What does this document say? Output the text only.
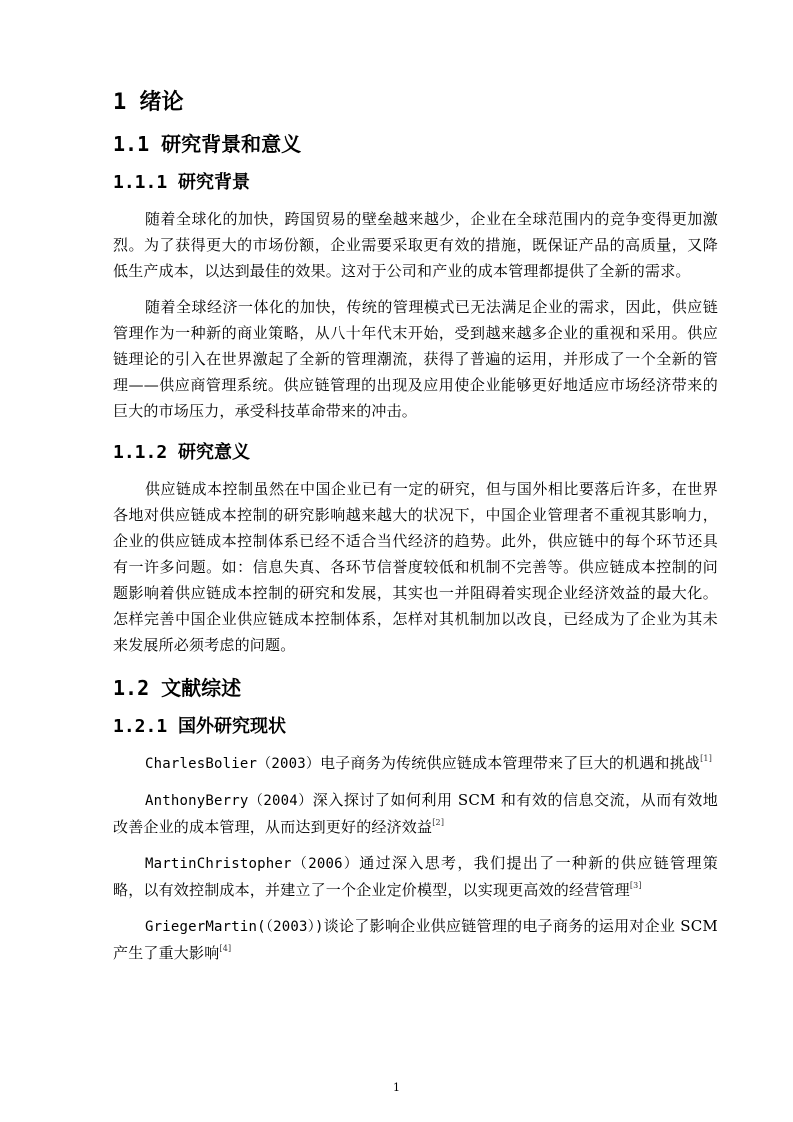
1 绪论
1.1 研究背景和意义
1.1.1 研究背景

随着全球化的加快，跨国贸易的壁垒越来越少，企业在全球范围内的竞争变得更加激烈。为了获得更大的市场份额，企业需要采取更有效的措施，既保证产品的高质量，又降低生产成本，以达到最佳的效果。这对于公司和产业的成本管理都提供了全新的需求。

随着全球经济一体化的加快，传统的管理模式已无法满足企业的需求，因此，供应链管理作为一种新的商业策略，从八十年代末开始，受到越来越多企业的重视和采用。供应链理论的引入在世界激起了全新的管理潮流，获得了普遍的运用，并形成了一个全新的管理——供应商管理系统。供应链管理的出现及应用使企业能够更好地适应市场经济带来的巨大的市场压力，承受科技革命带来的冲击。

1.1.2 研究意义

供应链成本控制虽然在中国企业已有一定的研究，但与国外相比要落后许多，在世界各地对供应链成本控制的研究影响越来越大的状况下，中国企业管理者不重视其影响力，企业的供应链成本控制体系已经不适合当代经济的趋势。此外，供应链中的每个环节还具有一许多问题。如：信息失真、各环节信誉度较低和机制不完善等。供应链成本控制的问题影响着供应链成本控制的研究和发展，其实也一并阻碍着实现企业经济效益的最大化。怎样完善中国企业供应链成本控制体系，怎样对其机制加以改良，已经成为了企业为其未来发展所必须考虑的问题。

1.2 文献综述
1.2.1 国外研究现状

CharlesBolier（2003）电子商务为传统供应链成本管理带来了巨大的机遇和挑战[1]

AnthonyBerry（2004）深入探讨了如何利用 SCM 和有效的信息交流，从而有效地改善企业的成本管理，从而达到更好的经济效益[2]

MartinChristopher（2006）通过深入思考，我们提出了一种新的供应链管理策略，以有效控制成本，并建立了一个企业定价模型，以实现更高效的经营管理[3]

GriegerMartin(（2003）)谈论了影响企业供应链管理的电子商务的运用对企业 SCM 产生了重大影响[4]

1
